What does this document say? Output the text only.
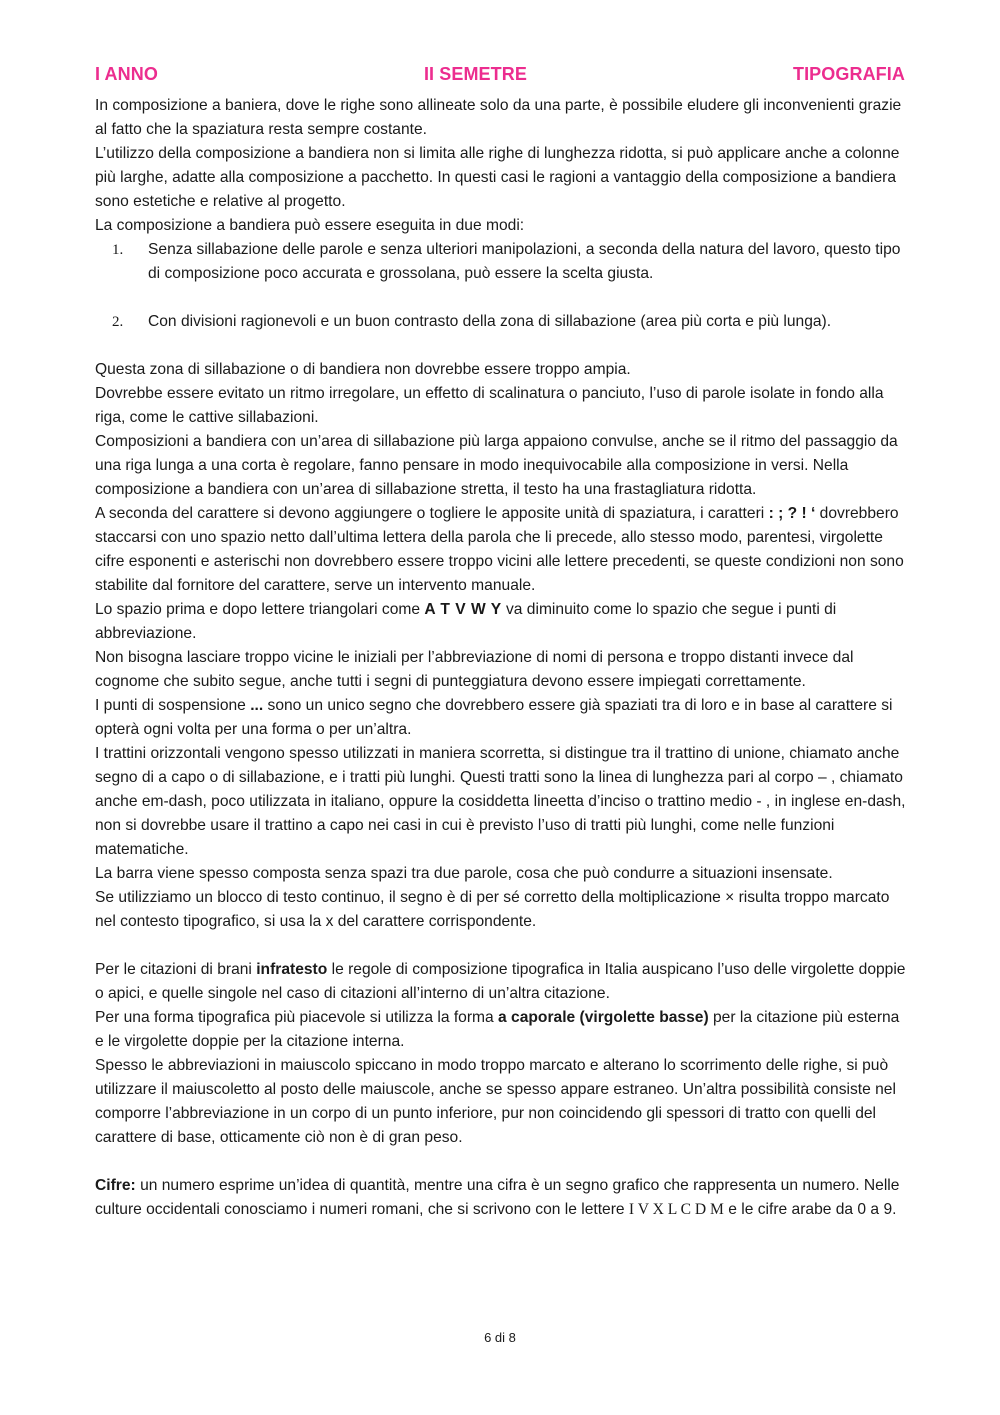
I ANNO	II SEMETRE	TIPOGRAFIA

In composizione a baniera, dove le righe sono allineate solo da una parte, è possibile eludere gli inconvenienti grazie al fatto che la spaziatura resta sempre costante.

L’utilizzo della composizione a bandiera non si limita alle righe di lunghezza ridotta, si può applicare anche a colonne più larghe, adatte alla composizione a pacchetto. In questi casi le ragioni a vantaggio della composizione a bandiera sono estetiche e relative al progetto.

La composizione a bandiera può essere eseguita in due modi:

1. Senza sillabazione delle parole e senza ulteriori manipolazioni, a seconda della natura del lavoro, questo tipo di composizione poco accurata e grossolana, può essere la scelta giusta.
2. Con divisioni ragionevoli e un buon contrasto della zona di sillabazione (area più corta e più lunga).

Questa zona di sillabazione o di bandiera non dovrebbe essere troppo ampia.

Dovrebbe essere evitato un ritmo irregolare, un effetto di scalinatura o panciuto, l’uso di parole isolate in fondo alla riga, come le cattive sillabazioni.

Composizioni a bandiera con un’area di sillabazione più larga appaiono convulse, anche se il ritmo del passaggio da una riga lunga a una corta è regolare, fanno pensare in modo inequivocabile alla composizione in versi. Nella composizione a bandiera con un’area di sillabazione stretta, il testo ha una frastagliatura ridotta.

A seconda del carattere si devono aggiungere o togliere le apposite unità di spaziatura, i caratteri : ; ? ! ‘ dovrebbero staccarsi con uno spazio netto dall’ultima lettera della parola che li precede, allo stesso modo, parentesi, virgolette cifre esponenti e asterischi non dovrebbero essere troppo vicini alle lettere precedenti, se queste condizioni non sono stabilite dal fornitore del carattere, serve un intervento manuale.

Lo spazio prima e dopo lettere triangolari come A T V W Y va diminuito come lo spazio che segue i punti di abbreviazione.

Non bisogna lasciare troppo vicine le iniziali per l’abbreviazione di nomi di persona e troppo distanti invece dal cognome che subito segue, anche tutti i segni di punteggiatura devono essere impiegati correttamente.

I punti di sospensione ... sono un unico segno che dovrebbero essere già spaziati tra di loro e in base al carattere si opterà ogni volta per una forma o per un’altra.

I trattini orizzontali vengono spesso utilizzati in maniera scorretta, si distingue tra il trattino di unione, chiamato anche segno di a capo o di sillabazione, e i tratti più lunghi. Questi tratti sono la linea di lunghezza pari al corpo – , chiamato anche em-dash, poco utilizzata in italiano, oppure la cosiddetta lineetta d’inciso o trattino medio - , in inglese en-dash, non si dovrebbe usare il trattino a capo nei casi in cui è previsto l’uso di tratti più lunghi, come nelle funzioni matematiche.

La barra viene spesso composta senza spazi tra due parole, cosa che può condurre a situazioni insensate.

Se utilizziamo un blocco di testo continuo, il segno è di per sé corretto della moltiplicazione × risulta troppo marcato nel contesto tipografico, si usa la x del carattere corrispondente.

Per le citazioni di brani infratesto le regole di composizione tipografica in Italia auspicano l’uso delle virgolette doppie o apici, e quelle singole nel caso di citazioni all’interno di un’altra citazione.

Per una forma tipografica più piacevole si utilizza la forma a caporale (virgolette basse) per la citazione più esterna e le virgolette doppie per la citazione interna.

Spesso le abbreviazioni in maiuscolo spiccano in modo troppo marcato e alterano lo scorrimento delle righe, si può utilizzare il maiuscoletto al posto delle maiuscole, anche se spesso appare estraneo. Un’altra possibilità consiste nel comporre l’abbreviazione in un corpo di un punto inferiore, pur non coincidendo gli spessori di tratto con quelli del carattere di base, otticamente ciò non è di gran peso.

Cifre: un numero esprime un’idea di quantità, mentre una cifra è un segno grafico che rappresenta un numero. Nelle culture occidentali conosciamo i numeri romani, che si scrivono con le lettere I V X L C D M e le cifre arabe da 0 a 9.

6 di 8
